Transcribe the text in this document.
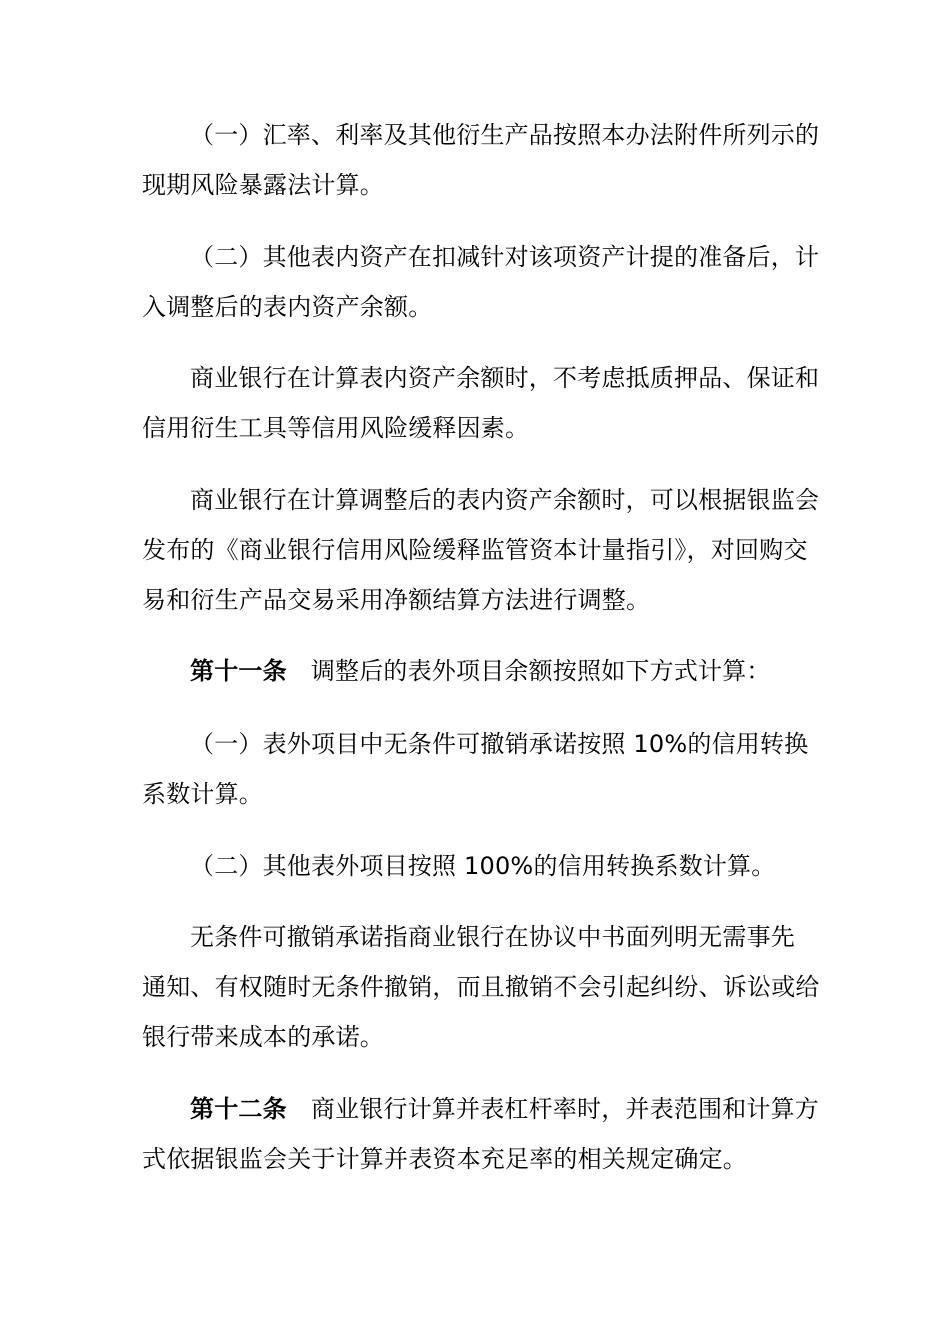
（一）汇率、利率及其他衍生产品按照本办法附件所列示的
现期风险暴露法计算。
（二）其他表内资产在扣减针对该项资产计提的准备后，计
入调整后的表内资产余额。
商业银行在计算表内资产余额时，不考虑抵质押品、保证和
信用衍生工具等信用风险缓释因素。
商业银行在计算调整后的表内资产余额时，可以根据银监会
发布的《商业银行信用风险缓释监管资本计量指引》，对回购交
易和衍生产品交易采用净额结算方法进行调整。
第十一条 调整后的表外项目余额按照如下方式计算：
（一）表外项目中无条件可撤销承诺按照 10%的信用转换
系数计算。
（二）其他表外项目按照 100%的信用转换系数计算。
无条件可撤销承诺指商业银行在协议中书面列明无需事先
通知、有权随时无条件撤销，而且撤销不会引起纠纷、诉讼或给
银行带来成本的承诺。
第十二条 商业银行计算并表杠杆率时，并表范围和计算方
式依据银监会关于计算并表资本充足率的相关规定确定。
